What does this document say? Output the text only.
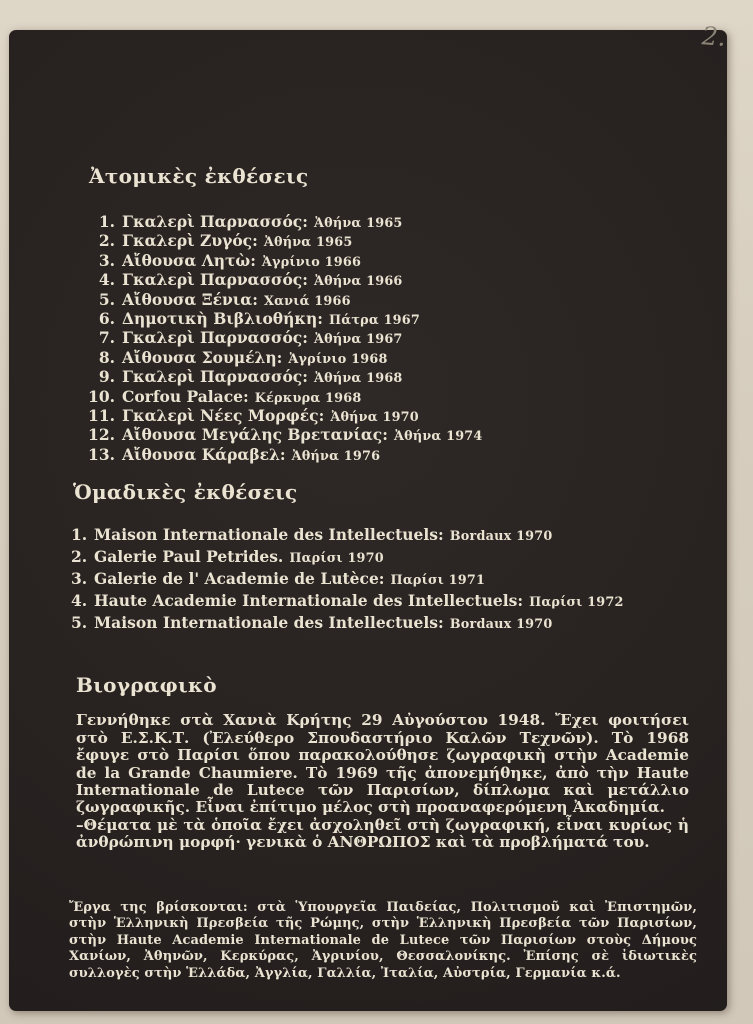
Ἀτομικὲς ἐκθέσεις
1. Γκαλερὶ Παρνασσός: Ἀθήνα 1965
2. Γκαλερὶ Ζυγός: Ἀθήνα 1965
3. Αἴθουσα Λητὼ: Ἀγρίνιο 1966
4. Γκαλερὶ Παρνασσός: Ἀθήνα 1966
5. Αἴθουσα Ξένια: Χανιά 1966
6. Δημοτικὴ Βιβλιοθήκη: Πάτρα 1967
7. Γκαλερὶ Παρνασσός: Ἀθήνα 1967
8. Αἴθουσα Σουμέλη: Ἀγρίνιο 1968
9. Γκαλερὶ Παρνασσός: Ἀθήνα 1968
10. Corfou Palace: Κέρκυρα 1968
11. Γκαλερὶ Νέες Μορφές: Ἀθήνα 1970
12. Αἴθουσα Μεγάλης Βρετανίας: Ἀθήνα 1974
13. Αἴθουσα Κάραβελ: Ἀθήνα 1976
Ὁμαδικὲς ἐκθέσεις
1. Maison Internationale des Intellectuels: Bordaux 1970
2. Galerie Paul Petrides. Παρίσι 1970
3. Galerie de l' Academie de Lutèce: Παρίσι 1971
4. Haute Academie Internationale des Intellectuels: Παρίσι 1972
5. Maison Internationale des Intellectuels: Bordaux 1970
Βιογραφικὸ

Γεννήθηκε στὰ Χανιὰ Κρήτης 29 Αὐγούστου 1948. Ἔχει φοιτήσει στὸ Ε.Σ.Κ.Τ. (Ἐλεύθερο Σπουδαστήριο Καλῶν Τεχνῶν). Τὸ 1968 ἔφυγε στὸ Παρίσι ὅπου παρακολούθησε ζωγραφικὴ στὴν Academie de la Grande Chaumiere. Τὸ 1969 τῆς ἀπονεμήθηκε, ἀπὸ τὴν Haute Internationale de Lutece τῶν Παρισίων, δίπλωμα καὶ μετάλλιο ζωγραφικῆς. Εἶναι ἐπίτιμο μέλος στὴ προαναφερόμενη Ἀκαδημία.

–Θέματα μὲ τὰ ὁποῖα ἔχει ἀσχοληθεῖ στὴ ζωγραφική, εἶναι κυρίως ἡ ἀνθρώπινη μορφή· γενικὰ ὁ ΑΝΘΡΩΠΟΣ καὶ τὰ προβλήματά του.

Ἔργα της βρίσκονται: στὰ Ὑπουργεῖα Παιδείας, Πολιτισμοῦ καὶ Ἐπιστημῶν, στὴν Ἑλληνικὴ Πρεσβεία τῆς Ρώμης, στὴν Ἑλληνικὴ Πρεσβεία τῶν Παρισίων, στὴν Haute Academie Internationale de Lutece τῶν Παρισίων στοὺς Δήμους Χανίων, Ἀθηνῶν, Κερκύρας, Ἀγρινίου, Θεσσαλονίκης. Ἐπίσης σὲ ἰδιωτικὲς συλλογὲς στὴν Ἑλλάδα, Ἀγγλία, Γαλλία, Ἰταλία, Αὐστρία, Γερμανία κ.ά.

2.
